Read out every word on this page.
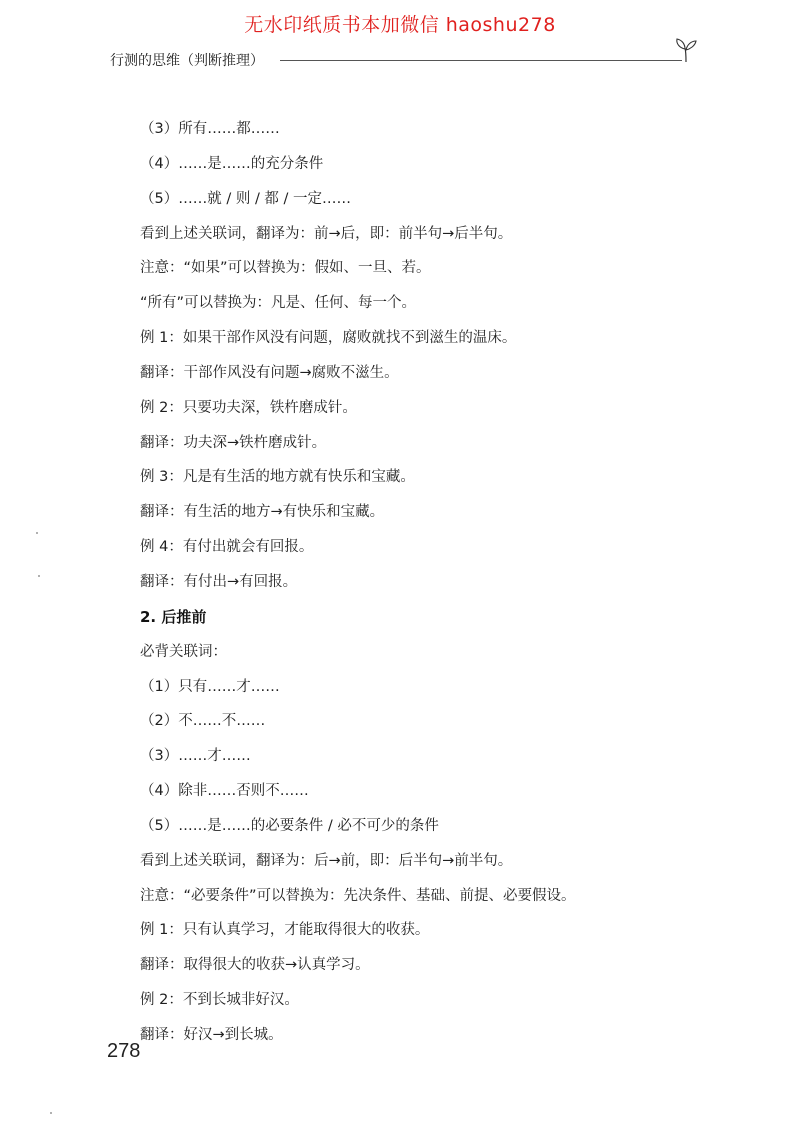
无水印纸质书本加微信 haoshu278
行测的思维（判断推理）
（3）所有……都……
（4）……是……的充分条件
（5）……就 / 则 / 都 / 一定……
看到上述关联词，翻译为：前→后，即：前半句→后半句。
注意：“如果”可以替换为：假如、一旦、若。
“所有”可以替换为：凡是、任何、每一个。
例 1：如果干部作风没有问题，腐败就找不到滋生的温床。
翻译：干部作风没有问题→腐败不滋生。
例 2：只要功夫深，铁杵磨成针。
翻译：功夫深→铁杵磨成针。
例 3：凡是有生活的地方就有快乐和宝藏。
翻译：有生活的地方→有快乐和宝藏。
例 4：有付出就会有回报。
翻译：有付出→有回报。
2. 后推前
必背关联词：
（1）只有……才……
（2）不……不……
（3）……才……
（4）除非……否则不……
（5）……是……的必要条件 / 必不可少的条件
看到上述关联词，翻译为：后→前，即：后半句→前半句。
注意：“必要条件”可以替换为：先决条件、基础、前提、必要假设。
例 1：只有认真学习，才能取得很大的收获。
翻译：取得很大的收获→认真学习。
例 2：不到长城非好汉。
翻译：好汉→到长城。
278
